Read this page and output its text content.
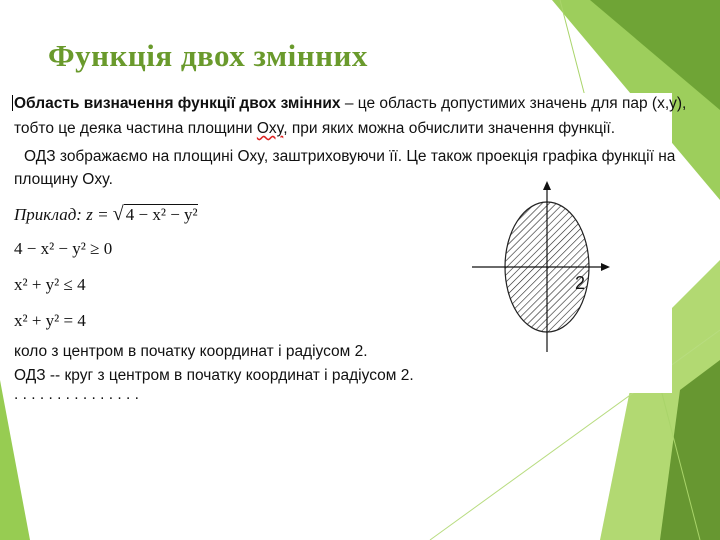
Функція двох змінних
Область визначення функції двох змінних – це область допустимих значень для пар (x,y),
тобто це деяка частина площини Oxy, при яких можна обчислити значення функції.
ОДЗ зображаємо на площині Оxy, заштриховуючи її. Це також проекція графіка функції на
площину Оxy.
Приклад: z = √ 4 − x² − y²
4 − x² − y² ≥ 0
x² + y² ≤ 4
x² + y² = 4
коло з центром в початку координат і радіусом 2.
ОДЗ -- круг з центром в початку координат і радіусом 2.
. . . . . . . . . . . . . . .
2
